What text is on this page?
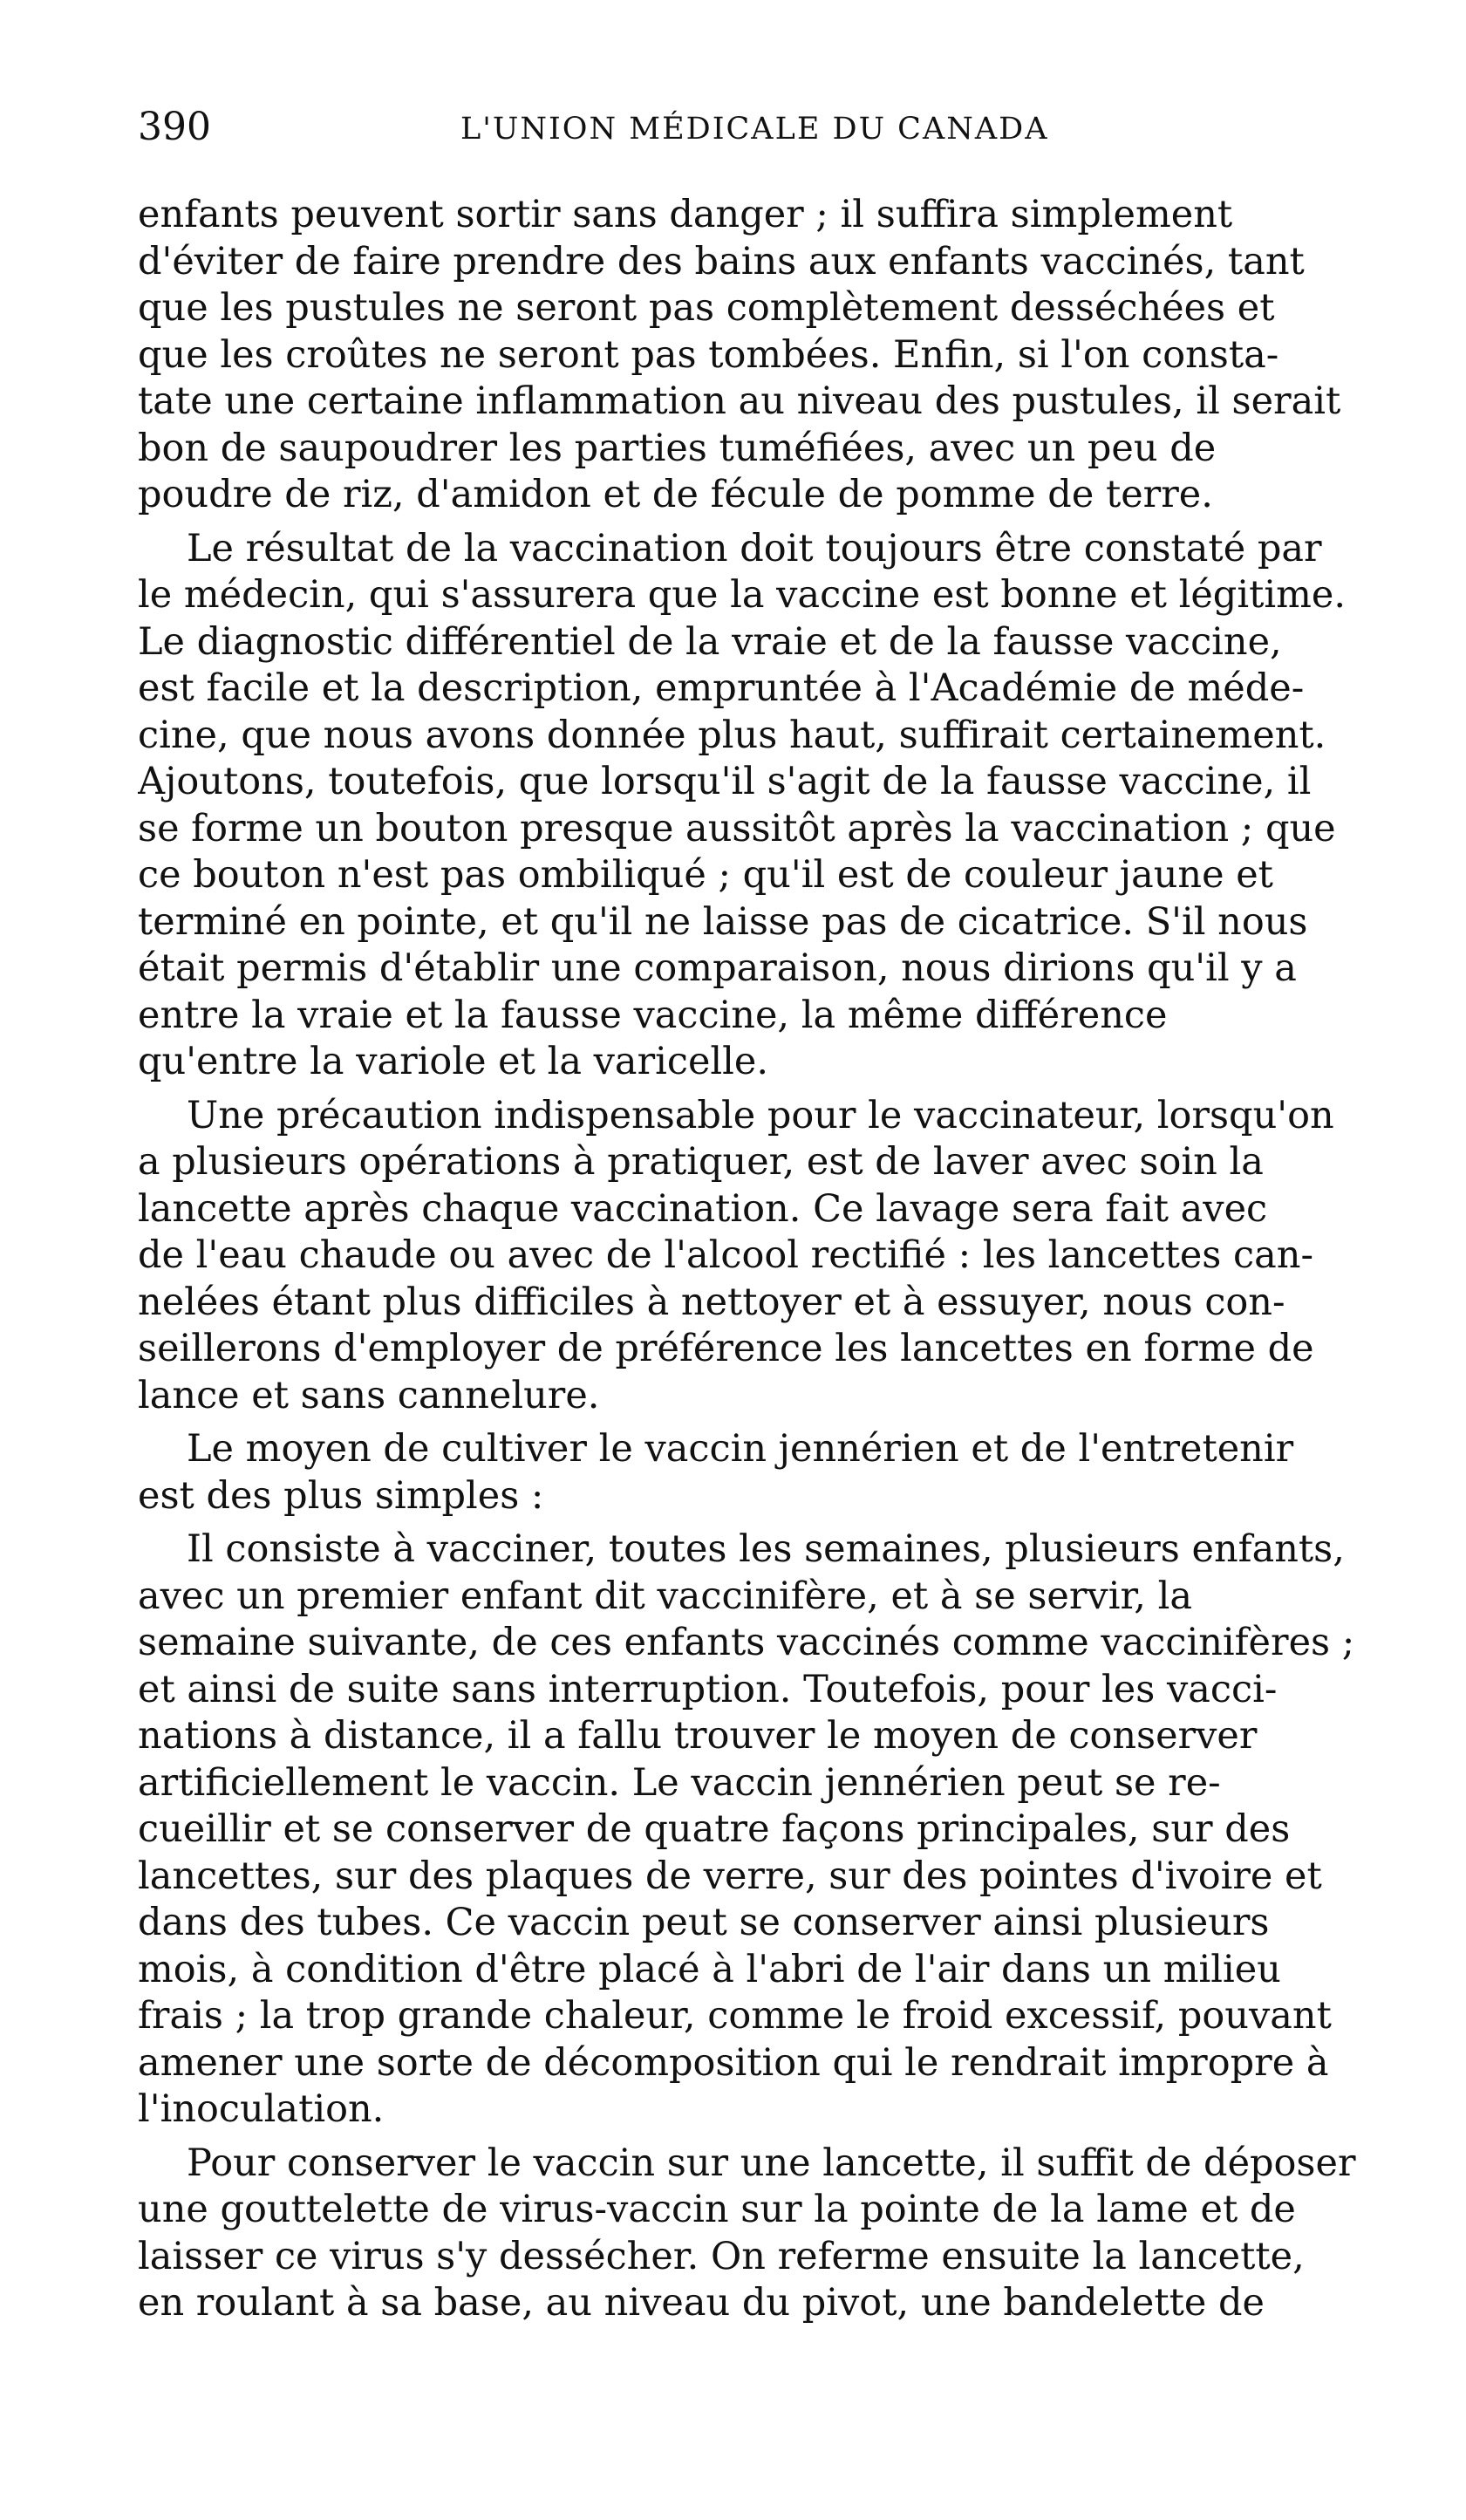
390	L'UNION MÉDICALE DU CANADA
enfants peuvent sortir sans danger ; il suffira simplement
d'éviter de faire prendre des bains aux enfants vaccinés, tant
que les pustules ne seront pas complètement desséchées et
que les croûtes ne seront pas tombées. Enfin, si l'on consta-
tate une certaine inflammation au niveau des pustules, il serait
bon de saupoudrer les parties tuméfiées, avec un peu de
poudre de riz, d'amidon et de fécule de pomme de terre.
Le résultat de la vaccination doit toujours être constaté par
le médecin, qui s'assurera que la vaccine est bonne et légitime.
Le diagnostic différentiel de la vraie et de la fausse vaccine,
est facile et la description, empruntée à l'Académie de méde-
cine, que nous avons donnée plus haut, suffirait certainement.
Ajoutons, toutefois, que lorsqu'il s'agit de la fausse vaccine, il
se forme un bouton presque aussitôt après la vaccination ; que
ce bouton n'est pas ombiliqué ; qu'il est de couleur jaune et
terminé en pointe, et qu'il ne laisse pas de cicatrice. S'il nous
était permis d'établir une comparaison, nous dirions qu'il y a
entre la vraie et la fausse vaccine, la même différence
qu'entre la variole et la varicelle.
Une précaution indispensable pour le vaccinateur, lorsqu'on
a plusieurs opérations à pratiquer, est de laver avec soin la
lancette après chaque vaccination. Ce lavage sera fait avec
de l'eau chaude ou avec de l'alcool rectifié : les lancettes can-
nelées étant plus difficiles à nettoyer et à essuyer, nous con-
seillerons d'employer de préférence les lancettes en forme de
lance et sans cannelure.
Le moyen de cultiver le vaccin jennérien et de l'entretenir
est des plus simples :
Il consiste à vacciner, toutes les semaines, plusieurs enfants,
avec un premier enfant dit vaccinifère, et à se servir, la
semaine suivante, de ces enfants vaccinés comme vaccinifères ;
et ainsi de suite sans interruption. Toutefois, pour les vacci-
nations à distance, il a fallu trouver le moyen de conserver
artificiellement le vaccin. Le vaccin jennérien peut se re-
cueillir et se conserver de quatre façons principales, sur des
lancettes, sur des plaques de verre, sur des pointes d'ivoire et
dans des tubes. Ce vaccin peut se conserver ainsi plusieurs
mois, à condition d'être placé à l'abri de l'air dans un milieu
frais ; la trop grande chaleur, comme le froid excessif, pouvant
amener une sorte de décomposition qui le rendrait impropre à
l'inoculation.
Pour conserver le vaccin sur une lancette, il suffit de déposer
une gouttelette de virus-vaccin sur la pointe de la lame et de
laisser ce virus s'y dessécher. On referme ensuite la lancette,
en roulant à sa base, au niveau du pivot, une bandelette de
